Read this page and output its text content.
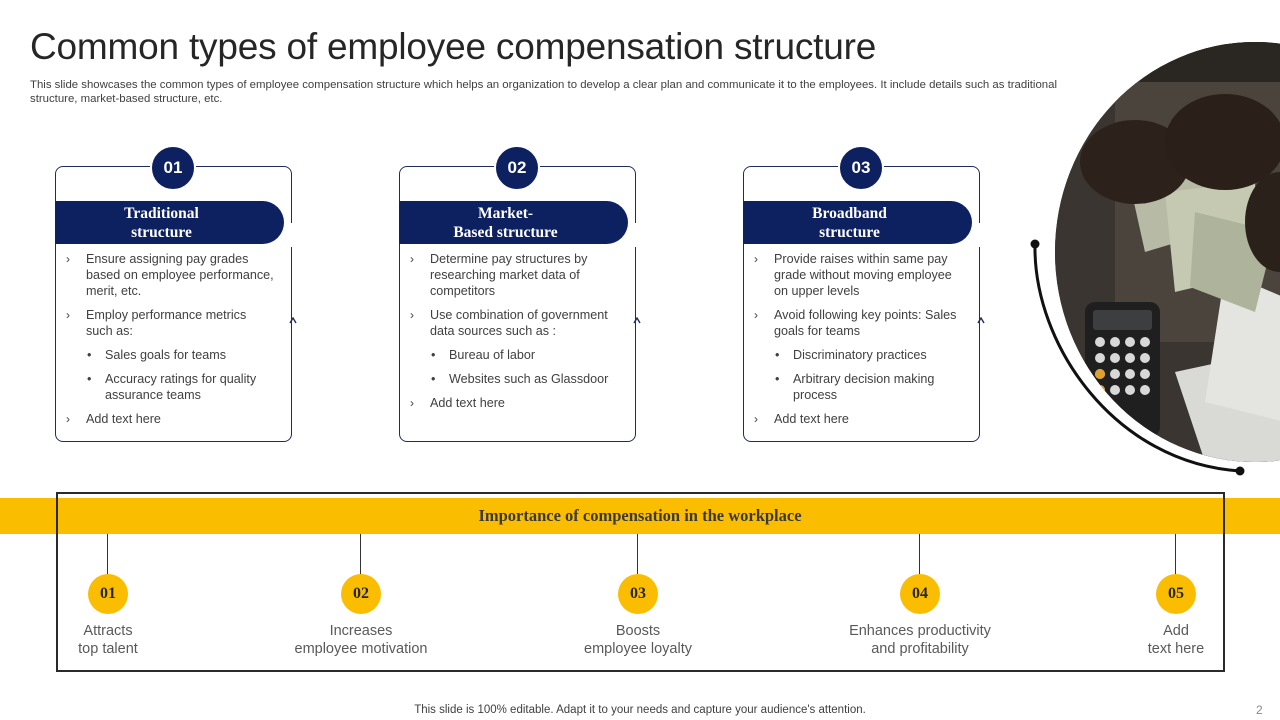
Common types of employee compensation structure
This slide showcases the common types of employee compensation structure which helps an organization to develop a clear plan and communicate it to the employees. It include details such as traditional structure, market-based structure, etc.
01
Traditional
structure
› Ensure assigning pay grades based on employee performance, merit, etc.
› Employ performance metrics such as:
• Sales goals for teams
• Accuracy ratings for quality assurance teams
› Add text here
02
Market-
Based structure
› Determine pay structures by researching market data of competitors
› Use combination of government data sources such as :
• Bureau of labor
• Websites such as Glassdoor
› Add text here
03
Broadband
structure
› Provide raises within same pay grade without moving employee on upper levels
› Avoid following key points: Sales goals for teams
• Discriminatory practices
• Arbitrary decision making process
› Add text here
Importance of compensation in the workplace
01
Attracts
top talent
02
Increases
employee motivation
03
Boosts
employee loyalty
04
Enhances productivity
and profitability
05
Add
text here
This slide is 100% editable. Adapt it to your needs and capture your audience's attention.	2
